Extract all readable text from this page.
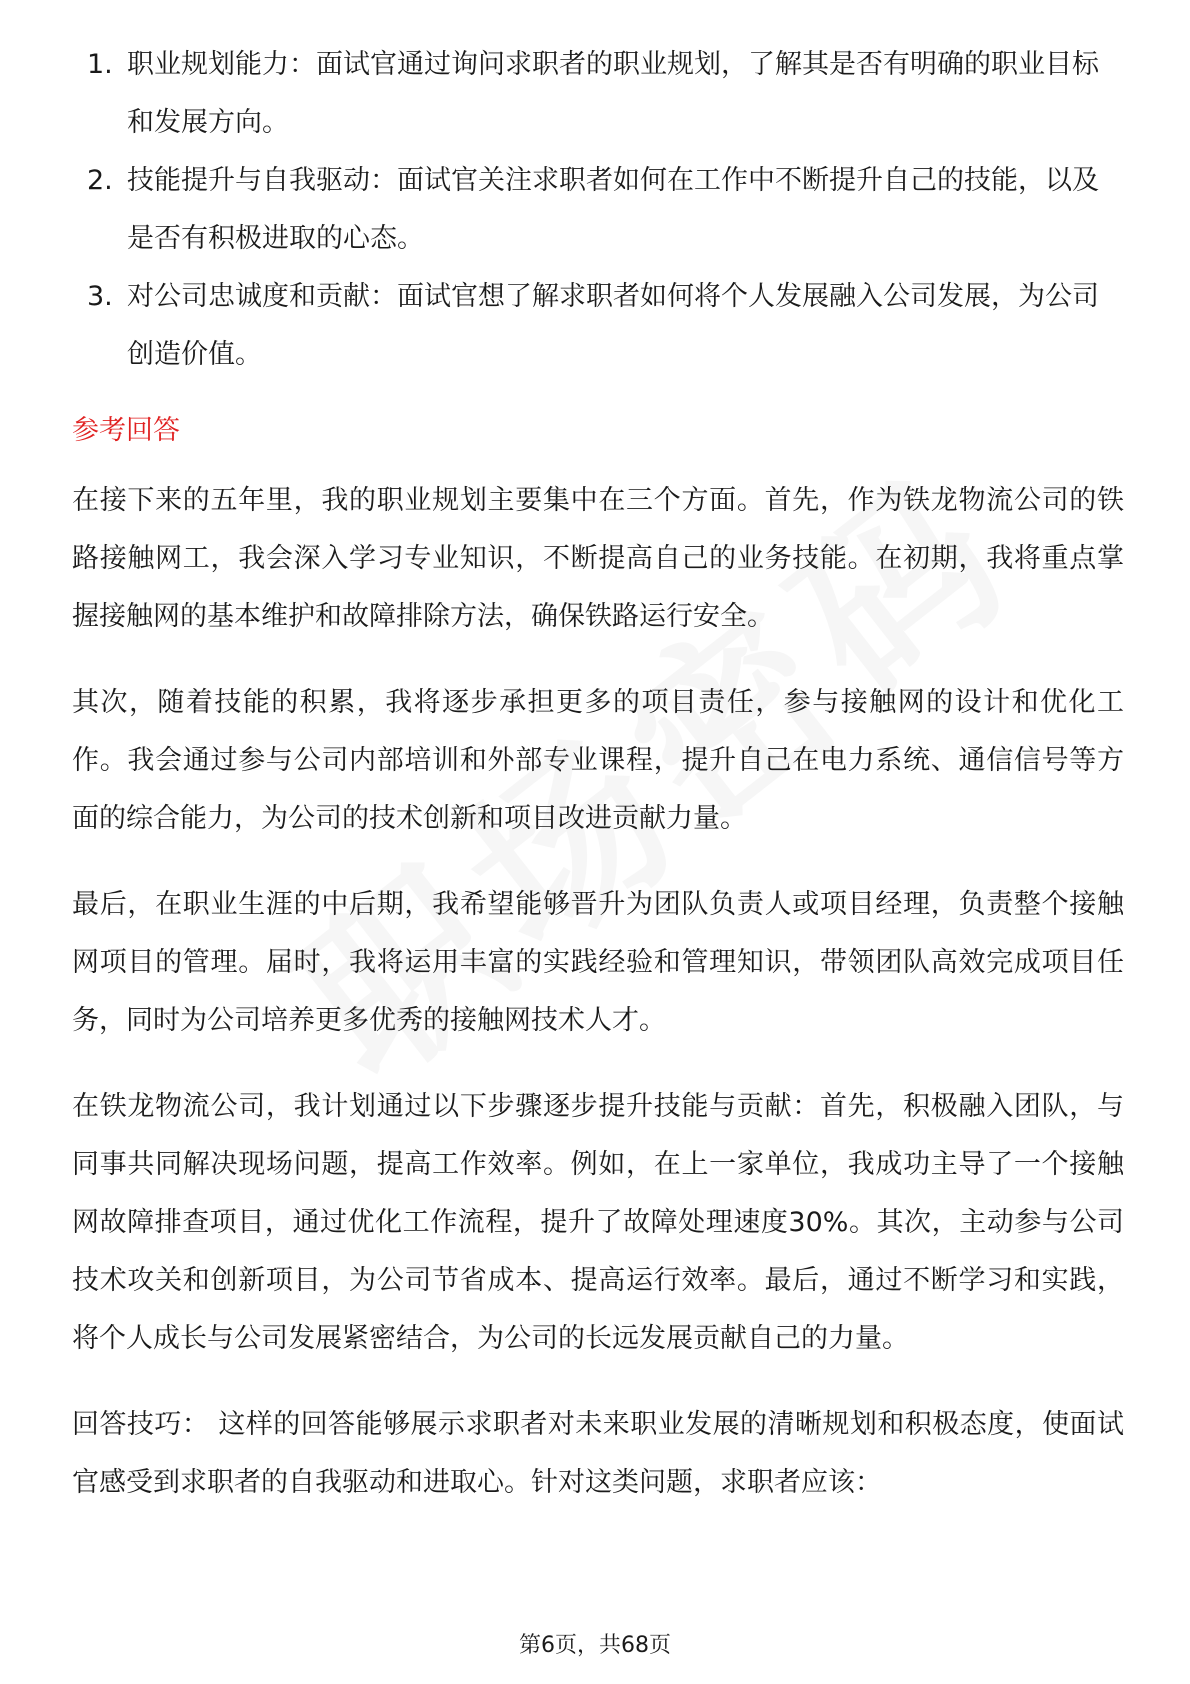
1. 职业规划能力：面试官通过询问求职者的职业规划，了解其是否有明确的职业目标和发展方向。
2. 技能提升与自我驱动：面试官关注求职者如何在工作中不断提升自己的技能，以及是否有积极进取的心态。
3. 对公司忠诚度和贡献：面试官想了解求职者如何将个人发展融入公司发展，为公司创造价值。
参考回答

在接下来的五年里，我的职业规划主要集中在三个方面。首先，作为铁龙物流公司的铁路接触网工，我会深入学习专业知识，不断提高自己的业务技能。在初期，我将重点掌握接触网的基本维护和故障排除方法，确保铁路运行安全。

其次，随着技能的积累，我将逐步承担更多的项目责任，参与接触网的设计和优化工作。我会通过参与公司内部培训和外部专业课程，提升自己在电力系统、通信信号等方面的综合能力，为公司的技术创新和项目改进贡献力量。

最后，在职业生涯的中后期，我希望能够晋升为团队负责人或项目经理，负责整个接触网项目的管理。届时，我将运用丰富的实践经验和管理知识，带领团队高效完成项目任务，同时为公司培养更多优秀的接触网技术人才。

在铁龙物流公司，我计划通过以下步骤逐步提升技能与贡献：首先，积极融入团队，与同事共同解决现场问题，提高工作效率。例如，在上一家单位，我成功主导了一个接触网故障排查项目，通过优化工作流程，提升了故障处理速度30%。其次，主动参与公司技术攻关和创新项目，为公司节省成本、提高运行效率。最后，通过不断学习和实践，将个人成长与公司发展紧密结合，为公司的长远发展贡献自己的力量。

回答技巧： 这样的回答能够展示求职者对未来职业发展的清晰规划和积极态度，使面试官感受到求职者的自我驱动和进取心。针对这类问题，求职者应该：

第6页，共68页
